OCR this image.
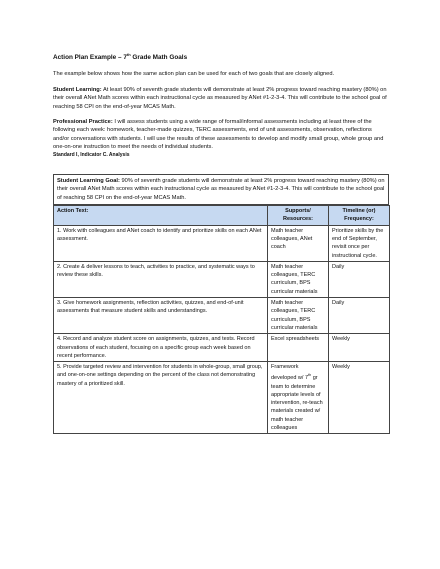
Action Plan Example – 7th Grade Math Goals

The example below shows how the same action plan can be used for each of two goals that are closely aligned.

Student Learning: At least 90% of seventh grade students will demonstrate at least 2% progress toward reaching mastery (80%) on their overall ANet Math scores within each instructional cycle as measured by ANet #1-2-3-4. This will contribute to the school goal of reaching 58 CPI on the end-of-year MCAS Math.

Professional Practice: I will assess students using a wide range of formal/informal assessments including at least three of the following each week: homework, teacher-made quizzes, TERC assessments, end of unit assessments, observation, reflections and/or conversations with students. I will use the results of these assessments to develop and modify small group, whole group and one-on-one instruction to meet the needs of individual students.

Standard I, Indicator C. Analysis
Student Learning Goal: 90% of seventh grade students will demonstrate at least 2% progress toward reaching mastery (80%) on their overall ANet Math scores within each instructional cycle as measured by ANet #1-2-3-4. This will contribute to the school goal of reaching 58 CPI on the end-of-year MCAS Math.
Action Text:	Supports/ Resources:	Timeline (or) Frequency:
1. Work with colleagues and ANet coach to identify and prioritize skills on each ANet assessment.	Math teacher colleagues, ANet coach	Prioritize skills by the end of September, revisit once per instructional cycle.
2. Create & deliver lessons to teach, activities to practice, and systematic ways to review these skills.	Math teacher colleagues, TERC curriculum, BPS curricular materials	Daily
3. Give homework assignments, reflection activities, quizzes, and end-of-unit assessments that measure student skills and understandings.	Math teacher colleagues, TERC curriculum, BPS curricular materials	Daily
4. Record and analyze student score on assignments, quizzes, and tests. Record observations of each student, focusing on a specific group each week based on recent performance.	Excel spreadsheets	Weekly
5. Provide targeted review and intervention for students in whole-group, small group, and one-on-one settings depending on the percent of the class not demonstrating mastery of a prioritized skill.	Framework developed w/ 7th gr team to determine appropriate levels of intervention, re-teach materials created w/ math teacher colleagues	Weekly
